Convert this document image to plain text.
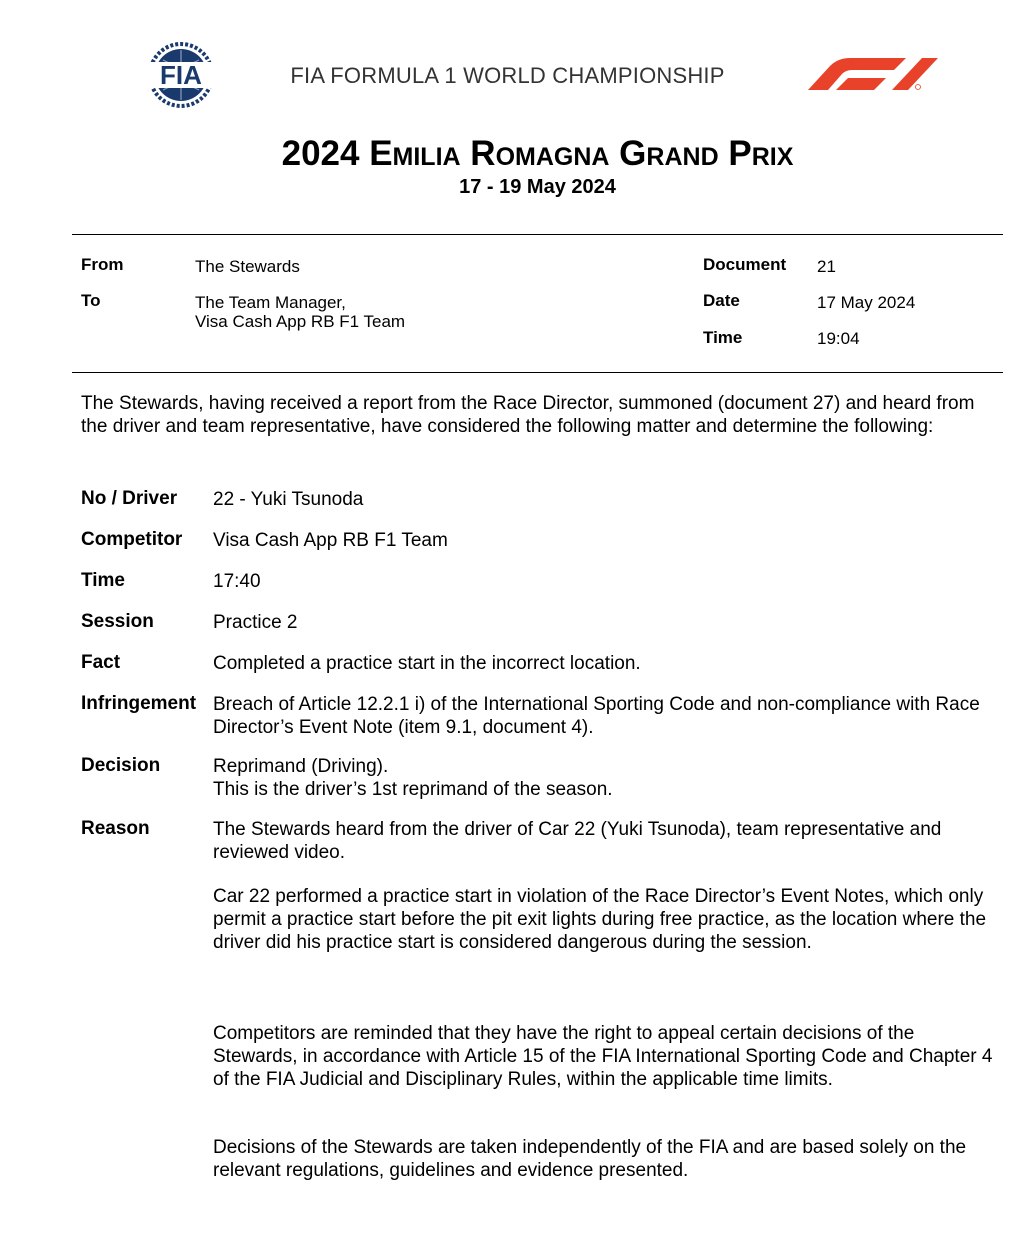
FIA	FIA FORMULA 1 WORLD CHAMPIONSHIP
2024 Emilia Romagna Grand Prix
17 - 19 May 2024
From	The Stewards
To	The Team Manager,
Visa Cash App RB F1 Team
Document 21
Date	17 May 2024
Time	19:04
The Stewards, having received a report from the Race Director, summoned (document 27) and heard from the driver and team representative, have considered the following matter and determine the following:
No / Driver 22 - Yuki Tsunoda
Competitor Visa Cash App RB F1 Team
Time	17:40
Session	Practice 2
Fact	Completed a practice start in the incorrect location.
Infringement Breach of Article 12.2.1 i) of the International Sporting Code and non-compliance with Race Director’s Event Note (item 9.1, document 4).
Decision	Reprimand (Driving).

This is the driver’s 1st reprimand of the season.

Reason	The Stewards heard from the driver of Car 22 (Yuki Tsunoda), team representative and reviewed video.
Car 22 performed a practice start in violation of the Race Director’s Event Notes, which only permit a practice start before the pit exit lights during free practice, as the location where the driver did his practice start is considered dangerous during the session.
Competitors are reminded that they have the right to appeal certain decisions of the Stewards, in accordance with Article 15 of the FIA International Sporting Code and Chapter 4 of the FIA Judicial and Disciplinary Rules, within the applicable time limits.
Decisions of the Stewards are taken independently of the FIA and are based solely on the relevant regulations, guidelines and evidence presented.
